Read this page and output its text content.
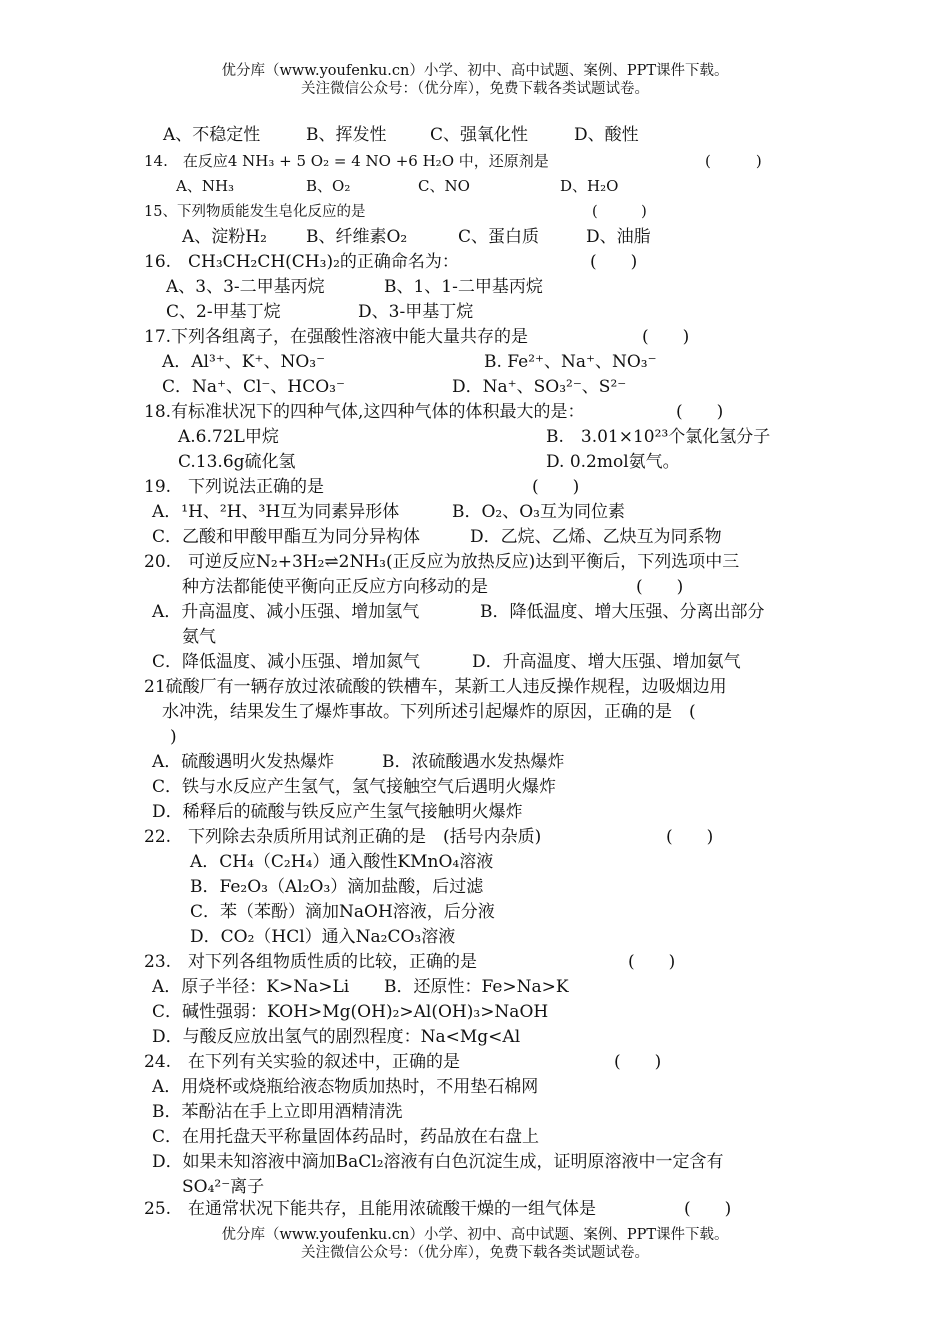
优分库（www.youfenku.cn）小学、初中、高中试题、案例、PPT课件下载。
关注微信公众号：（优分库），免费下载各类试题试卷。
A、不稳定性	B、挥发性	C、强氧化性	D、酸性
14.　在反应4 NH₃ + 5 O₂ = 4 NO +6 H₂O 中，还原剂是	(　　　)
A、NH₃	B、O₂	C、NO	D、H₂O
15、下列物质能发生皂化反应的是	(　　　)
A、淀粉H₂ B、纤维素O₂	C、蛋白质	D、油脂
16.　CH₃CH₂CH(CH₃)₂的正确命名为：	(　　)
A、3、3-二甲基丙烷	B、1、1-二甲基丙烷
C、2-甲基丁烷	D、3-甲基丁烷
17.下列各组离子，在强酸性溶液中能大量共存的是	(　　)
A．Al³⁺、K⁺、NO₃⁻	B. Fe²⁺、Na⁺、NO₃⁻
C．Na⁺、Cl⁻、HCO₃⁻	D．Na⁺、SO₃²⁻、S²⁻
18.有标准状况下的四种气体,这四种气体的体积最大的是：	(　　)
A.6.72L甲烷	B.　3.01×10²³个氯化氢分子
C.13.6g硫化氢	D. 0.2mol氨气。
19.　下列说法正确的是	(　　)
A．¹H、²H、³H互为同素异形体	B．O₂、O₃互为同位素
C．乙酸和甲酸甲酯互为同分异构体	D．乙烷、乙烯、乙炔互为同系物
20.　可逆反应N₂+3H₂⇌2NH₃(正反应为放热反应)达到平衡后，下列选项中三
种方法都能使平衡向正反应方向移动的是	(　　)
A．升高温度、减小压强、增加氢气	B．降低温度、增大压强、分离出部分
氨气
C．降低温度、减小压强、增加氮气	D．升高温度、增大压强、增加氨气
21硫酸厂有一辆存放过浓硫酸的铁槽车，某新工人违反操作规程，边吸烟边用
水冲洗，结果发生了爆炸事故。下列所述引起爆炸的原因，正确的是　(
)
A．硫酸遇明火发热爆炸	B．浓硫酸遇水发热爆炸
C．铁与水反应产生氢气，氢气接触空气后遇明火爆炸
D．稀释后的硫酸与铁反应产生氢气接触明火爆炸
22.　下列除去杂质所用试剂正确的是　(括号内杂质)	(　　)
A．CH₄（C₂H₄）通入酸性KMnO₄溶液
B．Fe₂O₃（Al₂O₃）滴加盐酸，后过滤
C．苯（苯酚）滴加NaOH溶液，后分液
D．CO₂（HCl）通入Na₂CO₃溶液
23.　对下列各组物质性质的比较，正确的是	(　　)
A．原子半径：K>Na>Li B．还原性：Fe>Na>K
C．碱性强弱：KOH>Mg(OH)₂>Al(OH)₃>NaOH
D．与酸反应放出氢气的剧烈程度：Na<Mg<Al
24.　在下列有关实验的叙述中，正确的是	(　　)
A．用烧杯或烧瓶给液态物质加热时，不用垫石棉网
B．苯酚沾在手上立即用酒精清洗
C．在用托盘天平称量固体药品时，药品放在右盘上
D．如果未知溶液中滴加BaCl₂溶液有白色沉淀生成，证明原溶液中一定含有
SO₄²⁻离子
25.　在通常状况下能共存，且能用浓硫酸干燥的一组气体是	(　　)
优分库（www.youfenku.cn）小学、初中、高中试题、案例、PPT课件下载。
关注微信公众号：（优分库），免费下载各类试题试卷。
